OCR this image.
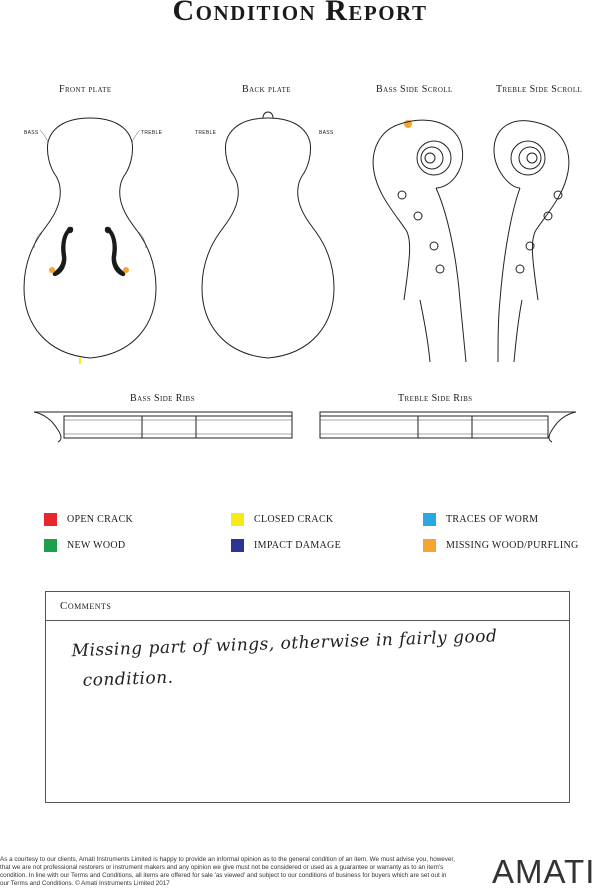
Condition Report
Front plate	Back plate	Bass Side Scroll	Treble Side Scroll
bass	treble	treble	bass
Bass Side Ribs	Treble Side Ribs
OPEN CRACK	CLOSED CRACK	TRACES OF WORM
NEW WOOD	IMPACT DAMAGE	MISSING WOOD/PURFLING
Comments
Missing part of wings, otherwise in fairly good
condition.
As a courtesy to our clients, Amati Instruments Limited is happy to provide an informal opinion as to the general condition of an item. We must advise you, however, that we are not professional restorers or instrument makers and any opinion we give must not be considered or used as a guarantee or warranty as to an item's condition. In line with our Terms and Conditions, all items are offered for sale 'as viewed' and subject to our conditions of business for buyers which are set out in our Terms and Conditions. © Amati Instruments Limited 2017	AMATI
